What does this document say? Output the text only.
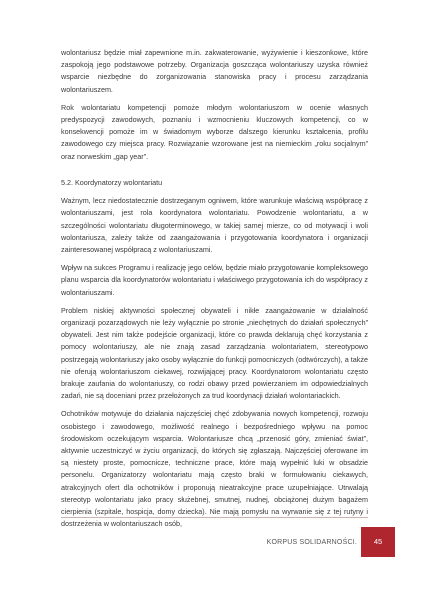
wolontariusz będzie miał zapewnione m.in. zakwaterowanie, wyżywienie i kieszonkowe, które zaspokoją jego podstawowe potrzeby. Organizacja goszcząca wolontariuszy uzyska również wsparcie niezbędne do zorganizowania stanowiska pracy i procesu zarządzania wolontariuszem.

Rok wolontariatu kompetencji pomoże młodym wolontariuszom w ocenie własnych predyspozycji zawodowych, poznaniu i wzmocnieniu kluczowych kompetencji, co w konsekwencji pomoże im w świadomym wyborze dalszego kierunku kształcenia, profilu zawodowego czy miejsca pracy. Rozwiązanie wzorowane jest na niemieckim „roku socjalnym” oraz norweskim „gap year”.

5.2. Koordynatorzy wolontariatu

Ważnym, lecz niedostatecznie dostrzeganym ogniwem, które warunkuje właściwą współpracę z wolontariuszami, jest rola koordynatora wolontariatu. Powodzenie wolontariatu, a w szczególności wolontariatu długoterminowego, w takiej samej mierze, co od motywacji i woli wolontariusza, zależy także od zaangażowania i przygotowania koordynatora i organizacji zainteresowanej współpracą z wolontariuszami.

Wpływ na sukces Programu i realizację jego celów, będzie miało przygotowanie kompleksowego planu wsparcia dla koordynatorów wolontariatu i właściwego przygotowania ich do współpracy z wolontariuszami.

Problem niskiej aktywności społecznej obywateli i nikłe zaangażowanie w działalność organizacji pozarządowych nie leży wyłącznie po stronie „niechętnych do działań społecznych” obywateli. Jest nim także podejście organizacji, które co prawda deklarują chęć korzystania z pomocy wolontariuszy, ale nie znają zasad zarządzania wolontariatem, stereotypowo postrzegają wolontariuszy jako osoby wyłącznie do funkcji pomocniczych (odtwórczych), a także nie oferują wolontariuszom ciekawej, rozwijającej pracy. Koordynatorom wolontariatu często brakuje zaufania do wolontariuszy, co rodzi obawy przed powierzaniem im odpowiedzialnych zadań, nie są doceniani przez przełożonych za trud koordynacji działań wolontariackich.

Ochotników motywuje do działania najczęściej chęć zdobywania nowych kompetencji, rozwoju osobistego i zawodowego, możliwość realnego i bezpośredniego wpływu na pomoc środowiskom oczekującym wsparcia. Wolontariusze chcą „przenosić góry, zmieniać świat”, aktywnie uczestniczyć w życiu organizacji, do których się zgłaszają. Najczęściej oferowane im są niestety proste, pomocnicze, techniczne prace, które mają wypełnić luki w obsadzie personelu. Organizatorzy wolontariatu mają często braki w formułowaniu ciekawych, atrakcyjnych ofert dla ochotników i proponują nieatrakcyjne prace uzupełniające. Utrwalają stereotyp wolontariatu jako pracy służebnej, smutnej, nudnej, obciążonej dużym bagażem cierpienia (szpitale, hospicja, domy dziecka). Nie mają pomysłu na wyrwanie się z tej rutyny i dostrzeżenia w wolontariuszach osób,

KORPUS SOLIDARNOŚCI.	45
